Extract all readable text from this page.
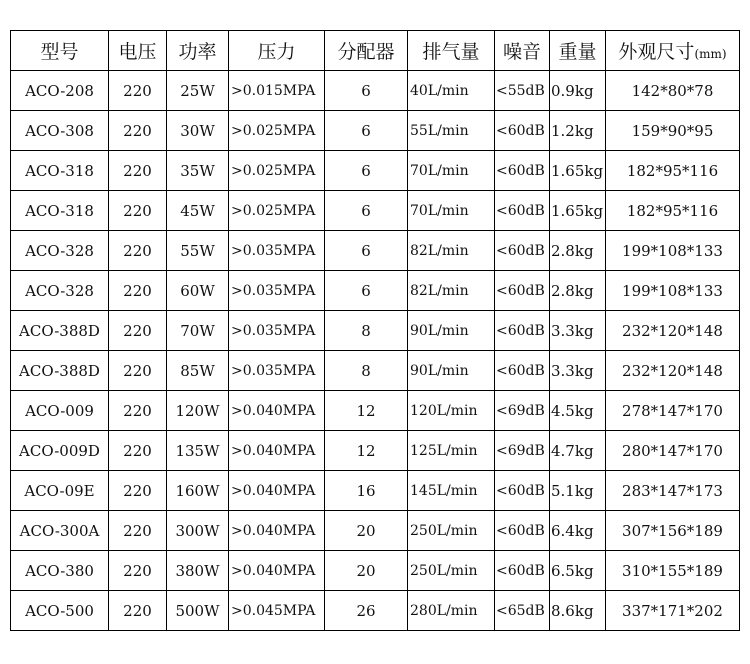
型号	电压	功率	压力	分配器	排气量	噪音	重量	外观尺寸(mm)
ACO-208	220	25W	>0.015MPA	6	40L/min	<55dB	0.9kg	142*80*78
ACO-308	220	30W	>0.025MPA	6	55L/min	<60dB	1.2kg	159*90*95
ACO-318	220	35W	>0.025MPA	6	70L/min	<60dB	1.65kg	182*95*116
ACO-318	220	45W	>0.025MPA	6	70L/min	<60dB	1.65kg	182*95*116
ACO-328	220	55W	>0.035MPA	6	82L/min	<60dB	2.8kg	199*108*133
ACO-328	220	60W	>0.035MPA	6	82L/min	<60dB	2.8kg	199*108*133
ACO-388D	220	70W	>0.035MPA	8	90L/min	<60dB	3.3kg	232*120*148
ACO-388D	220	85W	>0.035MPA	8	90L/min	<60dB	3.3kg	232*120*148
ACO-009	220	120W	>0.040MPA	12	120L/min	<69dB	4.5kg	278*147*170
ACO-009D	220	135W	>0.040MPA	12	125L/min	<69dB	4.7kg	280*147*170
ACO-09E	220	160W	>0.040MPA	16	145L/min	<60dB	5.1kg	283*147*173
ACO-300A	220	300W	>0.040MPA	20	250L/min	<60dB	6.4kg	307*156*189
ACO-380	220	380W	>0.040MPA	20	250L/min	<60dB	6.5kg	310*155*189
ACO-500	220	500W	>0.045MPA	26	280L/min	<65dB	8.6kg	337*171*202
